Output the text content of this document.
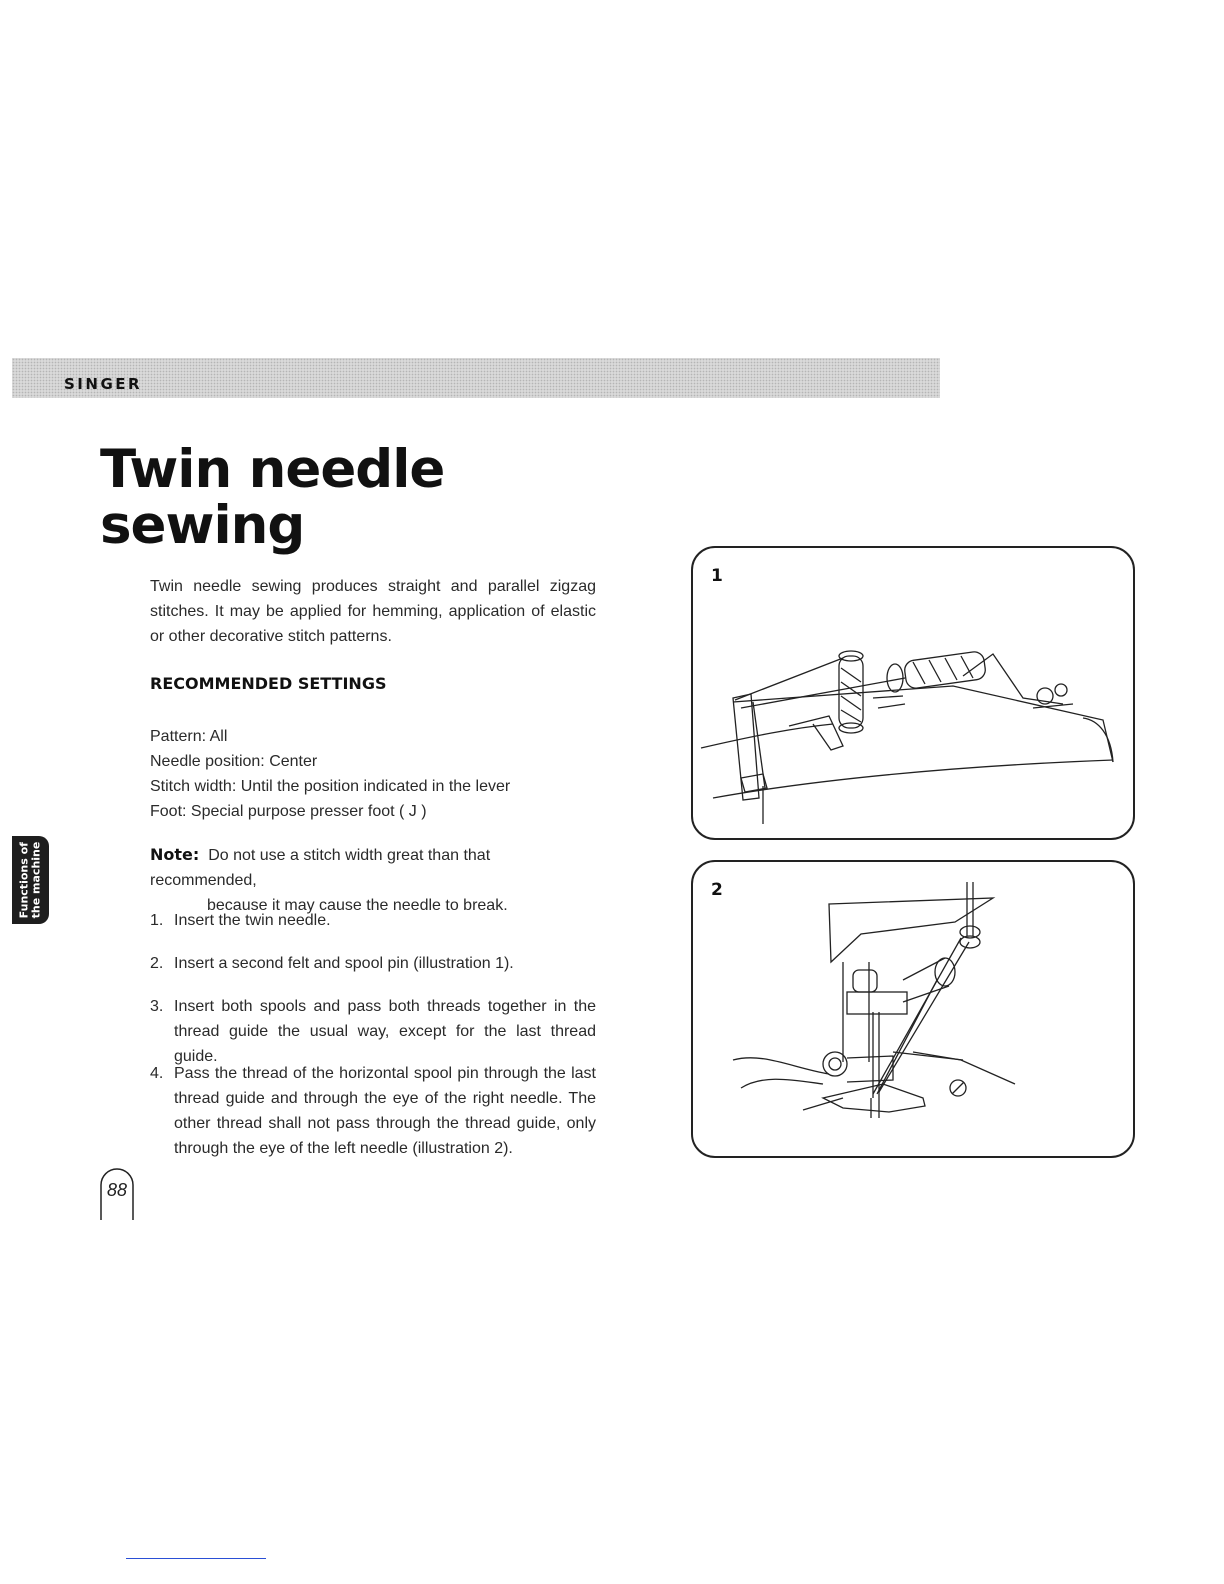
SINGER
Twin needle
sewing
Twin needle sewing produces straight and parallel zigzag stitches. It may be applied for hemming, application of elastic or other decorative stitch patterns.
RECOMMENDED SETTINGS
Pattern: All
Needle position: Center
Stitch width: Until the position indicated in the lever
Foot: Special purpose presser foot ( J )
Note: Do not use a stitch width great than that recommended,
because it may cause the needle to break.
1. Insert the twin needle.
2. Insert a second felt and spool pin (illustration 1).
3. Insert both spools and pass both threads together in the thread guide the usual way, except for the last thread guide.
4. Pass the thread of the horizontal spool pin through the last thread guide and through the eye of the right needle. The other thread shall not pass through the thread guide, only through the eye of the left needle (illustration 2).
Functions of the machine
88
1
2
